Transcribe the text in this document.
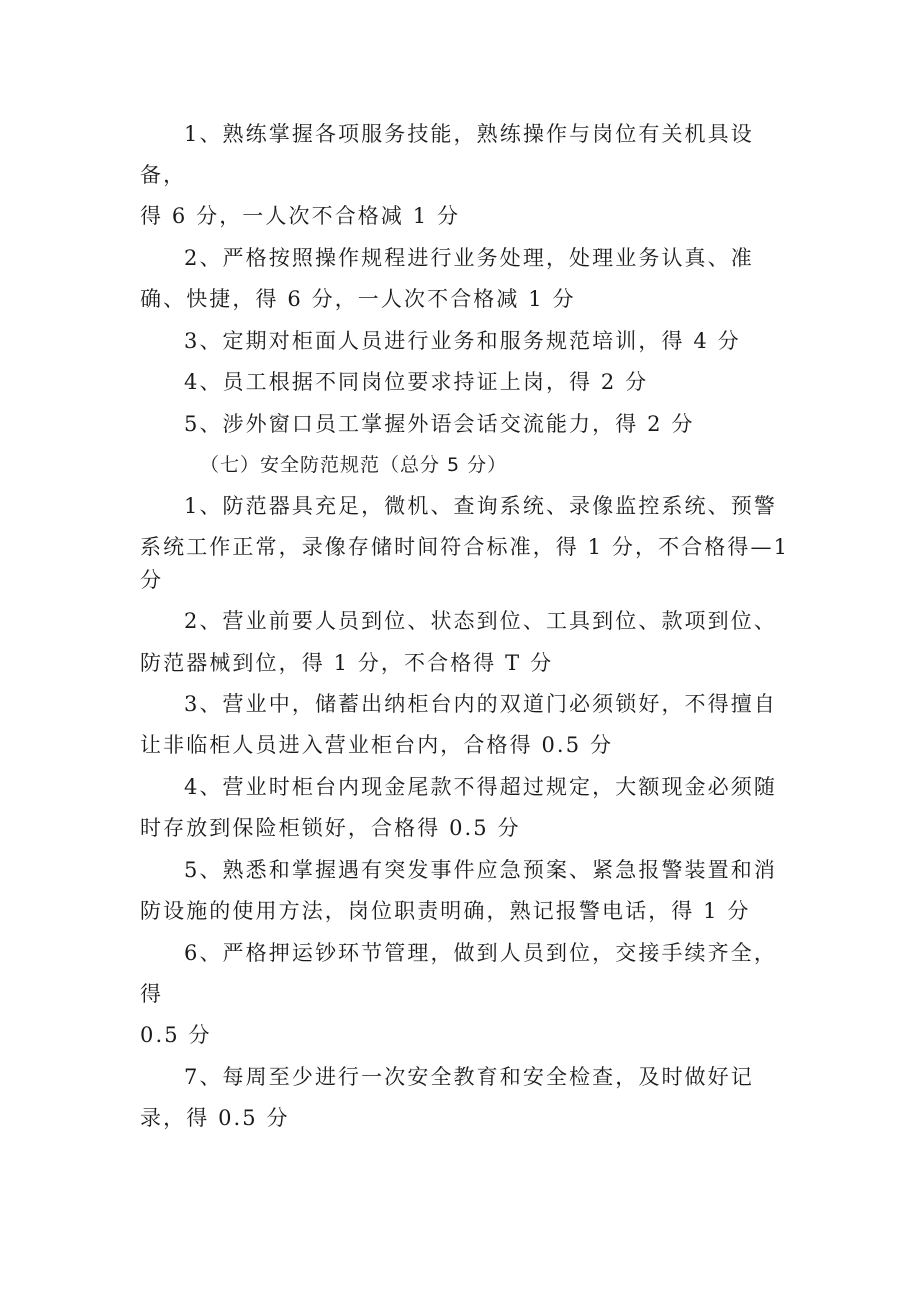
1、熟练掌握各项服务技能，熟练操作与岗位有关机具设
备，
得 6 分，一人次不合格减 1 分
2、严格按照操作规程进行业务处理，处理业务认真、准
确、快捷，得 6 分，一人次不合格减 1 分
3、定期对柜面人员进行业务和服务规范培训，得 4 分
4、员工根据不同岗位要求持证上岗，得 2 分
5、涉外窗口员工掌握外语会话交流能力，得 2 分
（七）安全防范规范（总分 5 分）
1、防范器具充足，微机、查询系统、录像监控系统、预警
系统工作正常，录像存储时间符合标准，得 1 分，不合格得—1
分
2、营业前要人员到位、状态到位、工具到位、款项到位、
防范器械到位，得 1 分，不合格得 T 分
3、营业中，储蓄出纳柜台内的双道门必须锁好，不得擅自
让非临柜人员进入营业柜台内，合格得 0.5 分
4、营业时柜台内现金尾款不得超过规定，大额现金必须随
时存放到保险柜锁好，合格得 0.5 分
5、熟悉和掌握遇有突发事件应急预案、紧急报警装置和消
防设施的使用方法，岗位职责明确，熟记报警电话，得 1 分
6、严格押运钞环节管理，做到人员到位，交接手续齐全，
得
0.5 分
7、每周至少进行一次安全教育和安全检查，及时做好记
录，得 0.5 分
